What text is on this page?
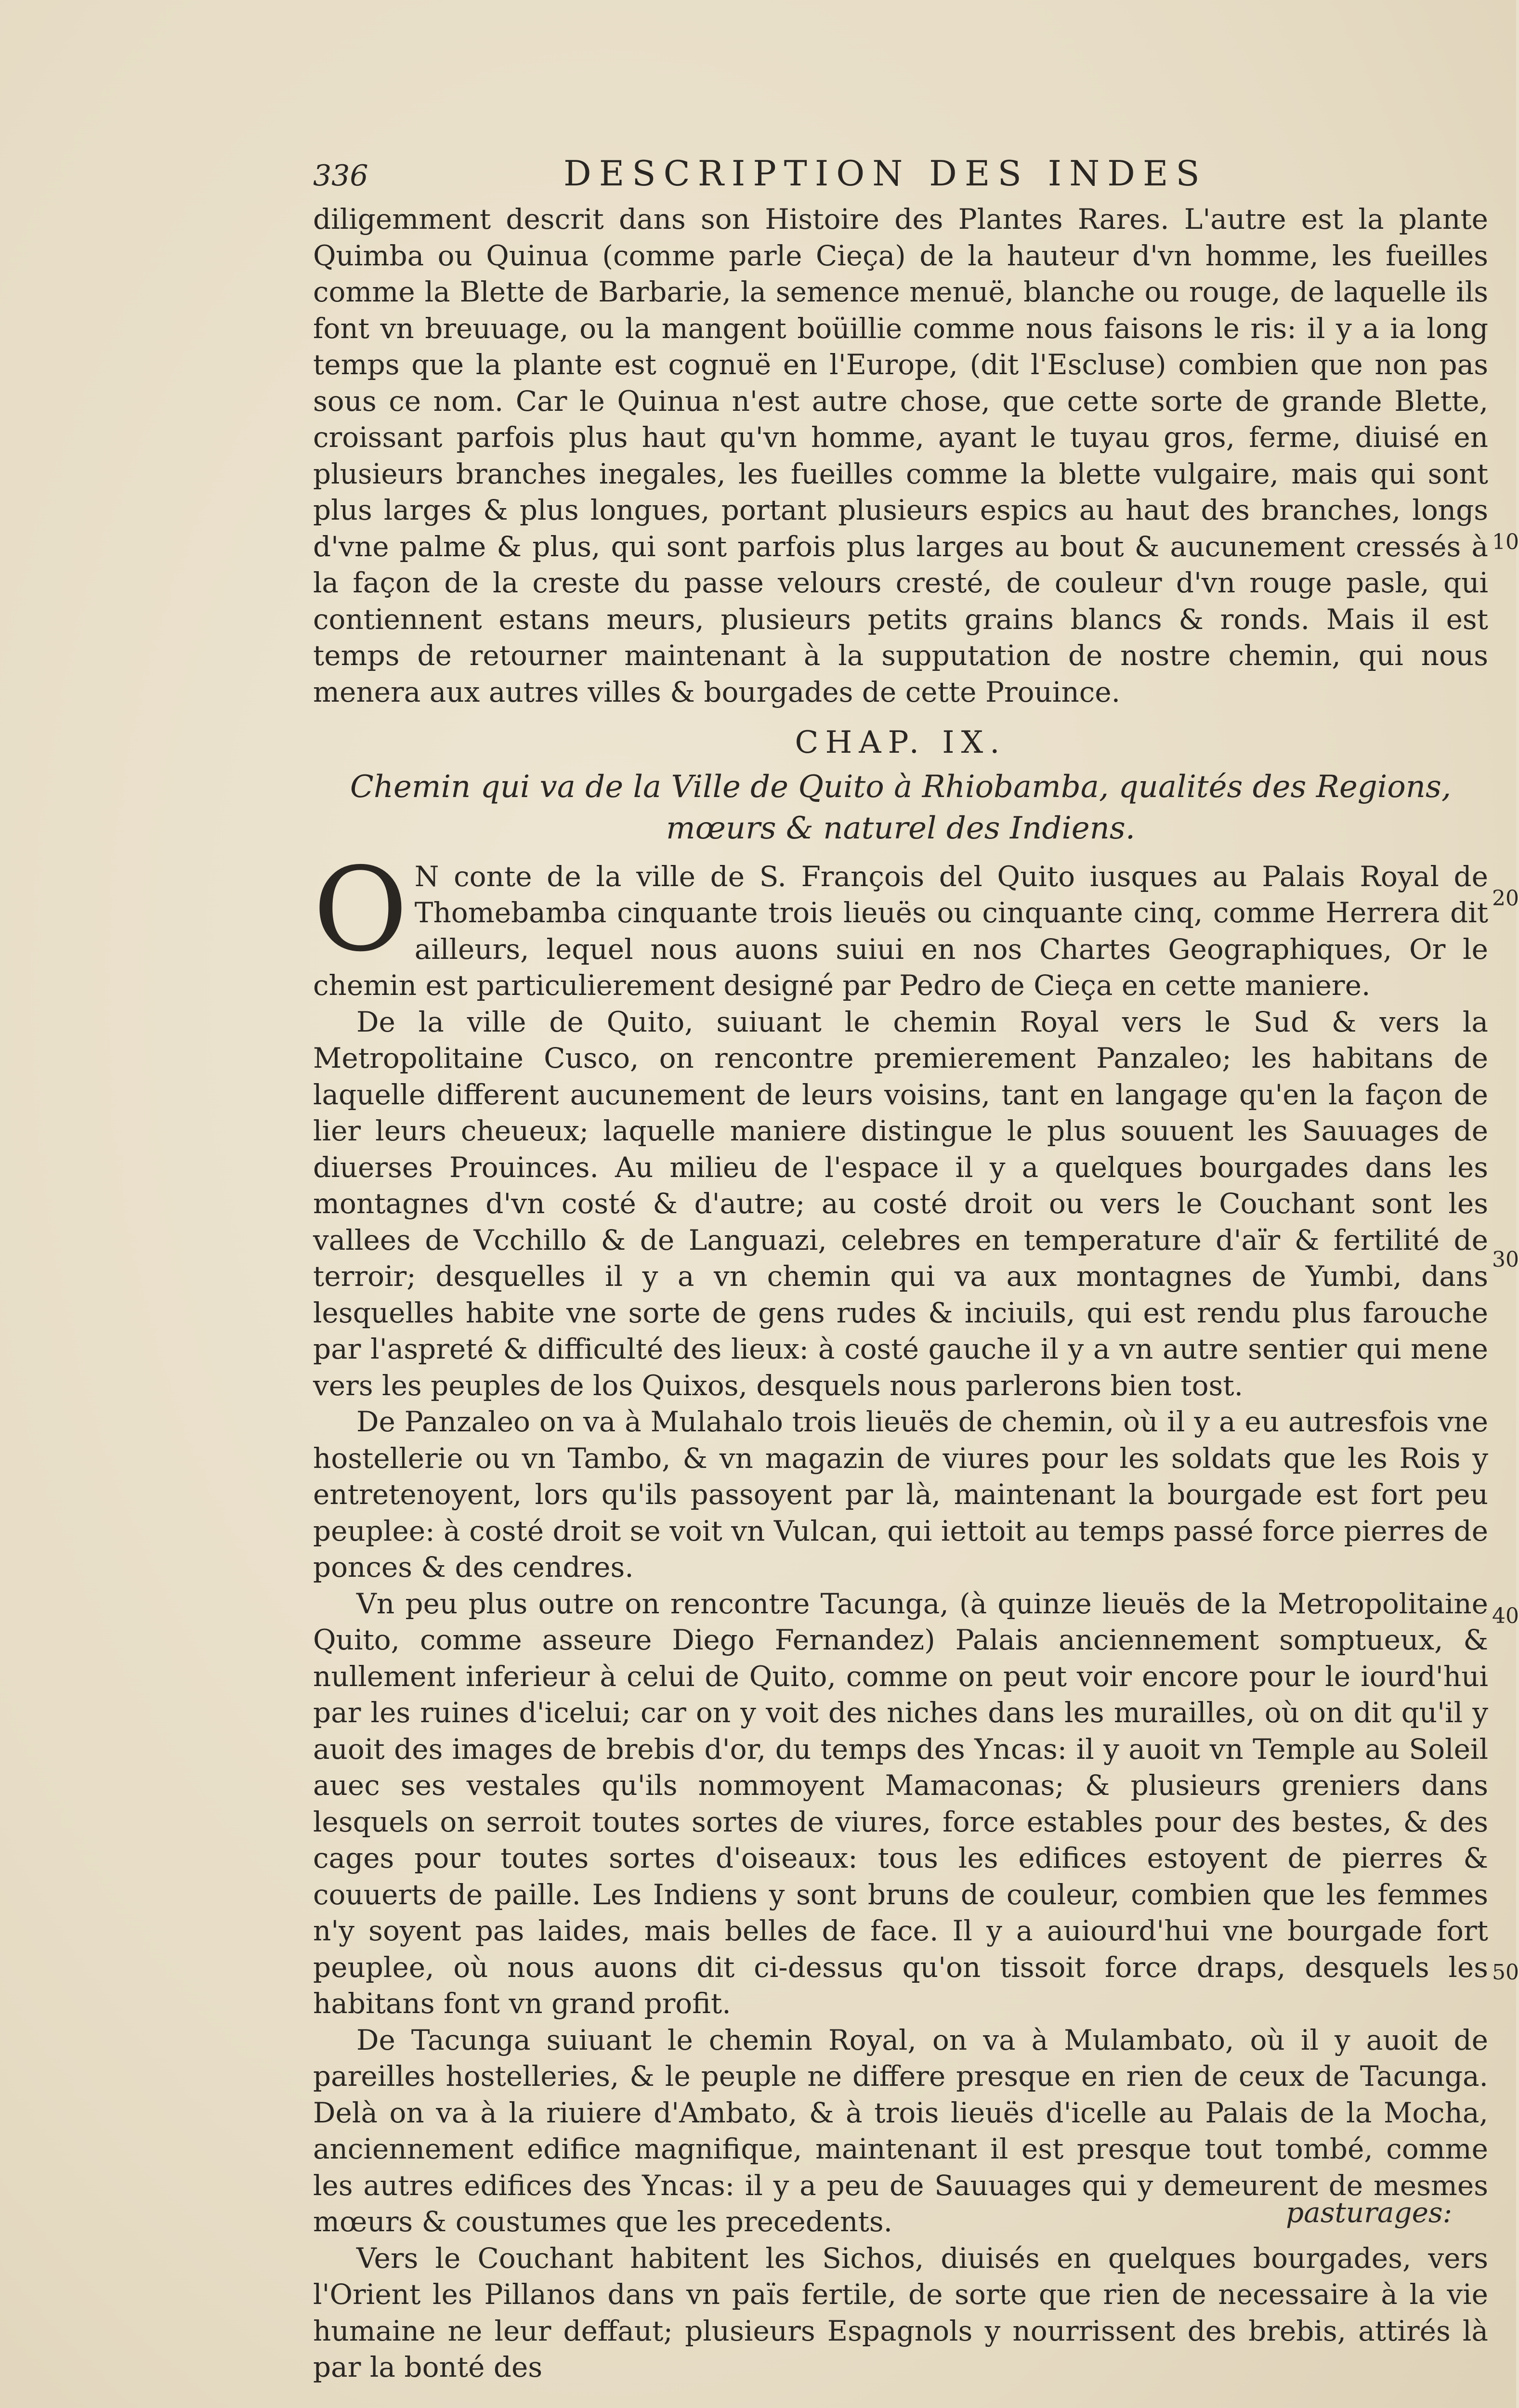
336	DESCRIPTION DES INDES

diligemment descrit dans son Histoire des Plantes Rares. L'autre est la plante Quimba ou Quinua (comme parle Cieça) de la hauteur d'vn homme, les fueilles comme la Blette de Barbarie, la semence menuë, blanche ou rouge, de laquelle ils font vn breuuage, ou la mangent boüillie comme nous faisons le ris: il y a ia long temps que la plante est cognuë en l'Europe, (dit l'Escluse) combien que non pas sous ce nom. Car le Quinua n'est autre chose, que cette sorte de grande Blette, croissant parfois plus haut qu'vn homme, ayant le tuyau gros, ferme, diuisé en plusieurs branches inegales, les fueilles comme la blette vulgaire, mais qui sont plus larges & plus longues, portant plusieurs espics au haut des branches, longs d'vne palme & plus, qui sont parfois plus larges au bout & aucunement cressés à la façon de la creste du passe velours cresté, de couleur d'vn rouge pasle, qui contiennent estans meurs, plusieurs petits grains blancs & ronds. Mais il est temps de retourner maintenant à la supputation de nostre chemin, qui nous menera aux autres villes & bourgades de cette Prouince.

CHAP. IX.
Chemin qui va de la Ville de Quito à Rhiobamba, qualités des Regions, mœurs & naturel des Indiens.

O N conte de la ville de S. François del Quito iusques au Palais Royal de Thomebamba cinquante trois lieuës ou cinquante cinq, comme Herrera dit ailleurs, lequel nous auons suiui en nos Chartes Geographiques, Or le chemin est particulierement designé par Pedro de Cieça en cette maniere.

De la ville de Quito, suiuant le chemin Royal vers le Sud & vers la Metropolitaine Cusco, on rencontre premierement Panzaleo; les habitans de laquelle different aucunement de leurs voisins, tant en langage qu'en la façon de lier leurs cheueux; laquelle maniere distingue le plus souuent les Sauuages de diuerses Prouinces. Au milieu de l'espace il y a quelques bourgades dans les montagnes d'vn costé & d'autre; au costé droit ou vers le Couchant sont les vallees de Vcchillo & de Languazi, celebres en temperature d'aïr & fertilité de terroir; desquelles il y a vn chemin qui va aux montagnes de Yumbi, dans lesquelles habite vne sorte de gens rudes & inciuils, qui est rendu plus farouche par l'aspreté & difficulté des lieux: à costé gauche il y a vn autre sentier qui mene vers les peuples de los Quixos, desquels nous parlerons bien tost.

De Panzaleo on va à Mulahalo trois lieuës de chemin, où il y a eu autresfois vne hostellerie ou vn Tambo, & vn magazin de viures pour les soldats que les Rois y entretenoyent, lors qu'ils passoyent par là, maintenant la bourgade est fort peu peuplee: à costé droit se voit vn Vulcan, qui iettoit au temps passé force pierres de ponces & des cendres.

Vn peu plus outre on rencontre Tacunga, (à quinze lieuës de la Metropolitaine Quito, comme asseure Diego Fernandez) Palais anciennement somptueux, & nullement inferieur à celui de Quito, comme on peut voir encore pour le iourd'hui par les ruines d'icelui; car on y voit des niches dans les murailles, où on dit qu'il y auoit des images de brebis d'or, du temps des Yncas: il y auoit vn Temple au Soleil auec ses vestales qu'ils nommoyent Mamaconas; & plusieurs greniers dans lesquels on serroit toutes sortes de viures, force estables pour des bestes, & des cages pour toutes sortes d'oiseaux: tous les edifices estoyent de pierres & couuerts de paille. Les Indiens y sont bruns de couleur, combien que les femmes n'y soyent pas laides, mais belles de face. Il y a auiourd'hui vne bourgade fort peuplee, où nous auons dit ci-dessus qu'on tissoit force draps, desquels les habitans font vn grand profit.

De Tacunga suiuant le chemin Royal, on va à Mulambato, où il y auoit de pareilles hostelleries, & le peuple ne differe presque en rien de ceux de Tacunga. Delà on va à la riuiere d'Ambato, & à trois lieuës d'icelle au Palais de la Mocha, anciennement edifice magnifique, maintenant il est presque tout tombé, comme les autres edifices des Yncas: il y a peu de Sauuages qui y demeurent de mesmes mœurs & coustumes que les precedents.

Vers le Couchant habitent les Sichos, diuisés en quelques bourgades, vers l'Orient les Pillanos dans vn païs fertile, de sorte que rien de necessaire à la vie humaine ne leur deffaut; plusieurs Espagnols y nourrissent des brebis, attirés là par la bonté des

10
20
30
40
50
pasturages:
